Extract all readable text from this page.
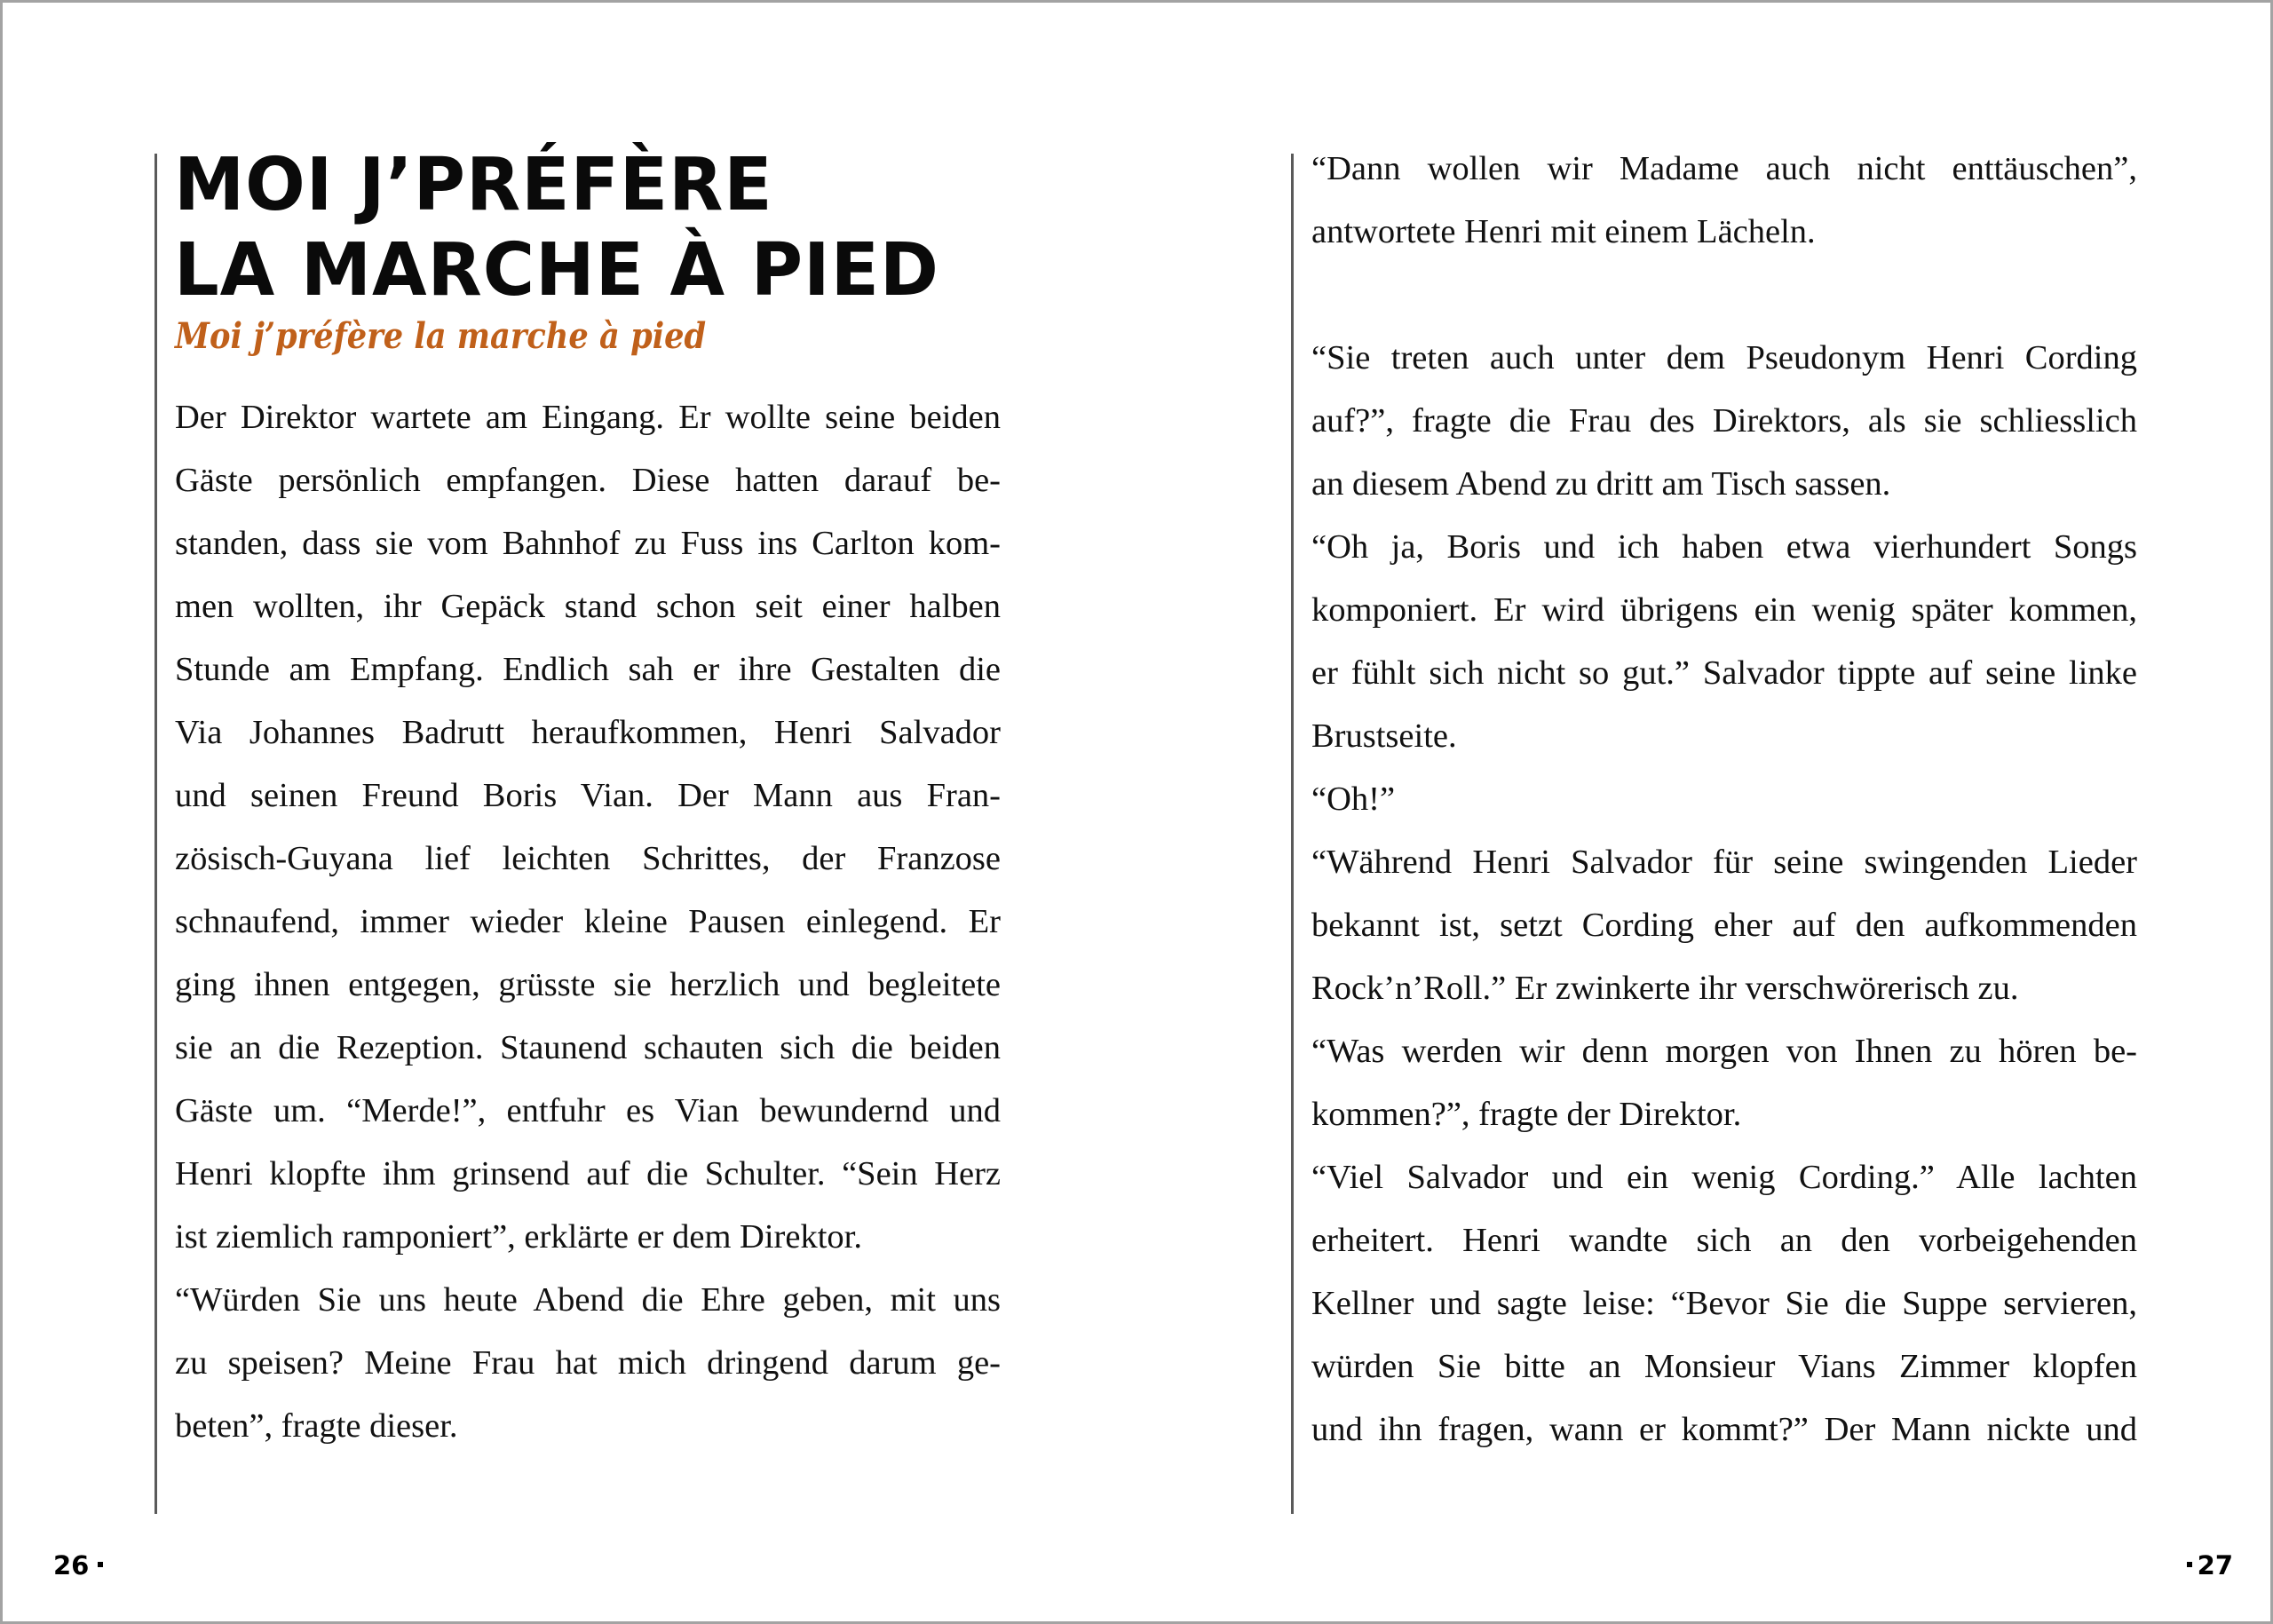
MOI J’PRÉFÈRE
LA MARCHE À PIED
Moi j’préfère la marche à pied
Der Direktor wartete am Eingang. Er wollte seine beiden
Gäste persönlich empfangen. Diese hatten darauf be-
standen, dass sie vom Bahnhof zu Fuss ins Carlton kom-
men wollten, ihr Gepäck stand schon seit einer halben
Stunde am Empfang. Endlich sah er ihre Gestalten die
Via Johannes Badrutt heraufkommen, Henri Salvador
und seinen Freund Boris Vian. Der Mann aus Fran-
zösisch-Guyana lief leichten Schrittes, der Franzose
schnaufend, immer wieder kleine Pausen einlegend. Er
ging ihnen entgegen, grüsste sie herzlich und begleitete
sie an die Rezeption. Staunend schauten sich die beiden
Gäste um. “Merde!”, entfuhr es Vian bewundernd und
Henri klopfte ihm grinsend auf die Schulter. “Sein Herz
ist ziemlich ramponiert”, erklärte er dem Direktor.
“Würden Sie uns heute Abend die Ehre geben, mit uns
zu speisen? Meine Frau hat mich dringend darum ge-
beten”, fragte dieser.
“Dann wollen wir Madame auch nicht enttäuschen”,
antwortete Henri mit einem Lächeln.
“Sie treten auch unter dem Pseudonym Henri Cording
auf?”, fragte die Frau des Direktors, als sie schliesslich
an diesem Abend zu dritt am Tisch sassen.
“Oh ja, Boris und ich haben etwa vierhundert Songs
komponiert. Er wird übrigens ein wenig später kommen,
er fühlt sich nicht so gut.” Salvador tippte auf seine linke
Brustseite.
“Oh!”
“Während Henri Salvador für seine swingenden Lieder
bekannt ist, setzt Cording eher auf den aufkommenden
Rock’n’Roll.” Er zwinkerte ihr verschwörerisch zu.
“Was werden wir denn morgen von Ihnen zu hören be-
kommen?”, fragte der Direktor.
“Viel Salvador und ein wenig Cording.” Alle lachten
erheitert. Henri wandte sich an den vorbeigehenden
Kellner und sagte leise: “Bevor Sie die Suppe servieren,
würden Sie bitte an Monsieur Vians Zimmer klopfen
und ihn fragen, wann er kommt?” Der Mann nickte und
26	27
